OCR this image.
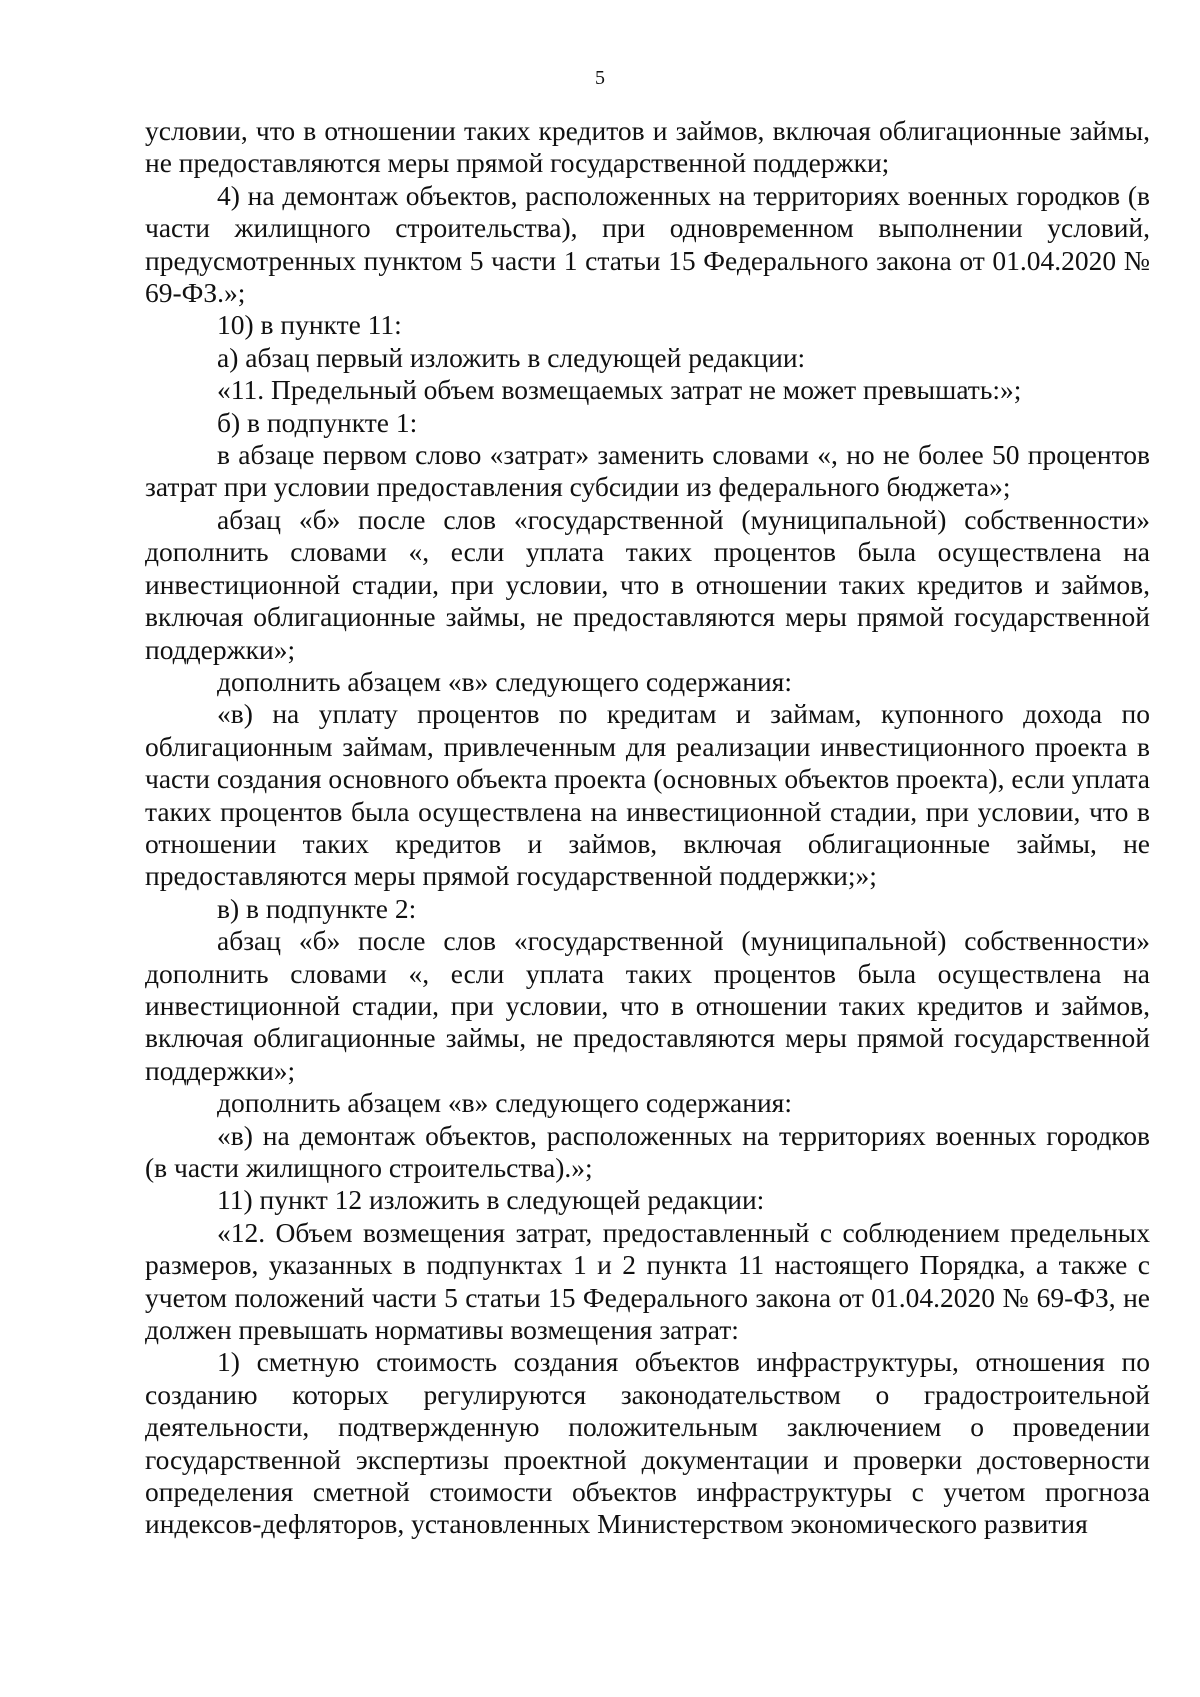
5

условии, что в отношении таких кредитов и займов, включая облигационные займы, не предоставляются меры прямой государственной поддержки;

4) на демонтаж объектов, расположенных на территориях военных городков (в части жилищного строительства), при одновременном выполнении условий, предусмотренных пунктом 5 части 1 статьи 15 Федерального закона от 01.04.2020 № 69-ФЗ.»;

10) в пункте 11:

а) абзац первый изложить в следующей редакции:

«11. Предельный объем возмещаемых затрат не может превышать:»;

б) в подпункте 1:

в абзаце первом слово «затрат» заменить словами «, но не более 50 процентов затрат при условии предоставления субсидии из федерального бюджета»;

абзац «б» после слов «государственной (муниципальной) собственности» дополнить словами «, если уплата таких процентов была осуществлена на инвестиционной стадии, при условии, что в отношении таких кредитов и займов, включая облигационные займы, не предоставляются меры прямой государственной поддержки»;

дополнить абзацем «в» следующего содержания:

«в) на уплату процентов по кредитам и займам, купонного дохода по облигационным займам, привлеченным для реализации инвестиционного проекта в части создания основного объекта проекта (основных объектов проекта), если уплата таких процентов была осуществлена на инвестиционной стадии, при условии, что в отношении таких кредитов и займов, включая облигационные займы, не предоставляются меры прямой государственной поддержки;»;

в) в подпункте 2:

абзац «б» после слов «государственной (муниципальной) собственности» дополнить словами «, если уплата таких процентов была осуществлена на инвестиционной стадии, при условии, что в отношении таких кредитов и займов, включая облигационные займы, не предоставляются меры прямой государственной поддержки»;

дополнить абзацем «в» следующего содержания:

«в) на демонтаж объектов, расположенных на территориях военных городков (в части жилищного строительства).»;

11) пункт 12 изложить в следующей редакции:

«12. Объем возмещения затрат, предоставленный с соблюдением предельных размеров, указанных в подпунктах 1 и 2 пункта 11 настоящего Порядка, а также с учетом положений части 5 статьи 15 Федерального закона от 01.04.2020 № 69-ФЗ, не должен превышать нормативы возмещения затрат:

1) сметную стоимость создания объектов инфраструктуры, отношения по созданию которых регулируются законодательством о градостроительной деятельности, подтвержденную положительным заключением о проведении государственной экспертизы проектной документации и проверки достоверности определения сметной стоимости объектов инфраструктуры с учетом прогноза индексов-дефляторов, установленных Министерством экономического развития
